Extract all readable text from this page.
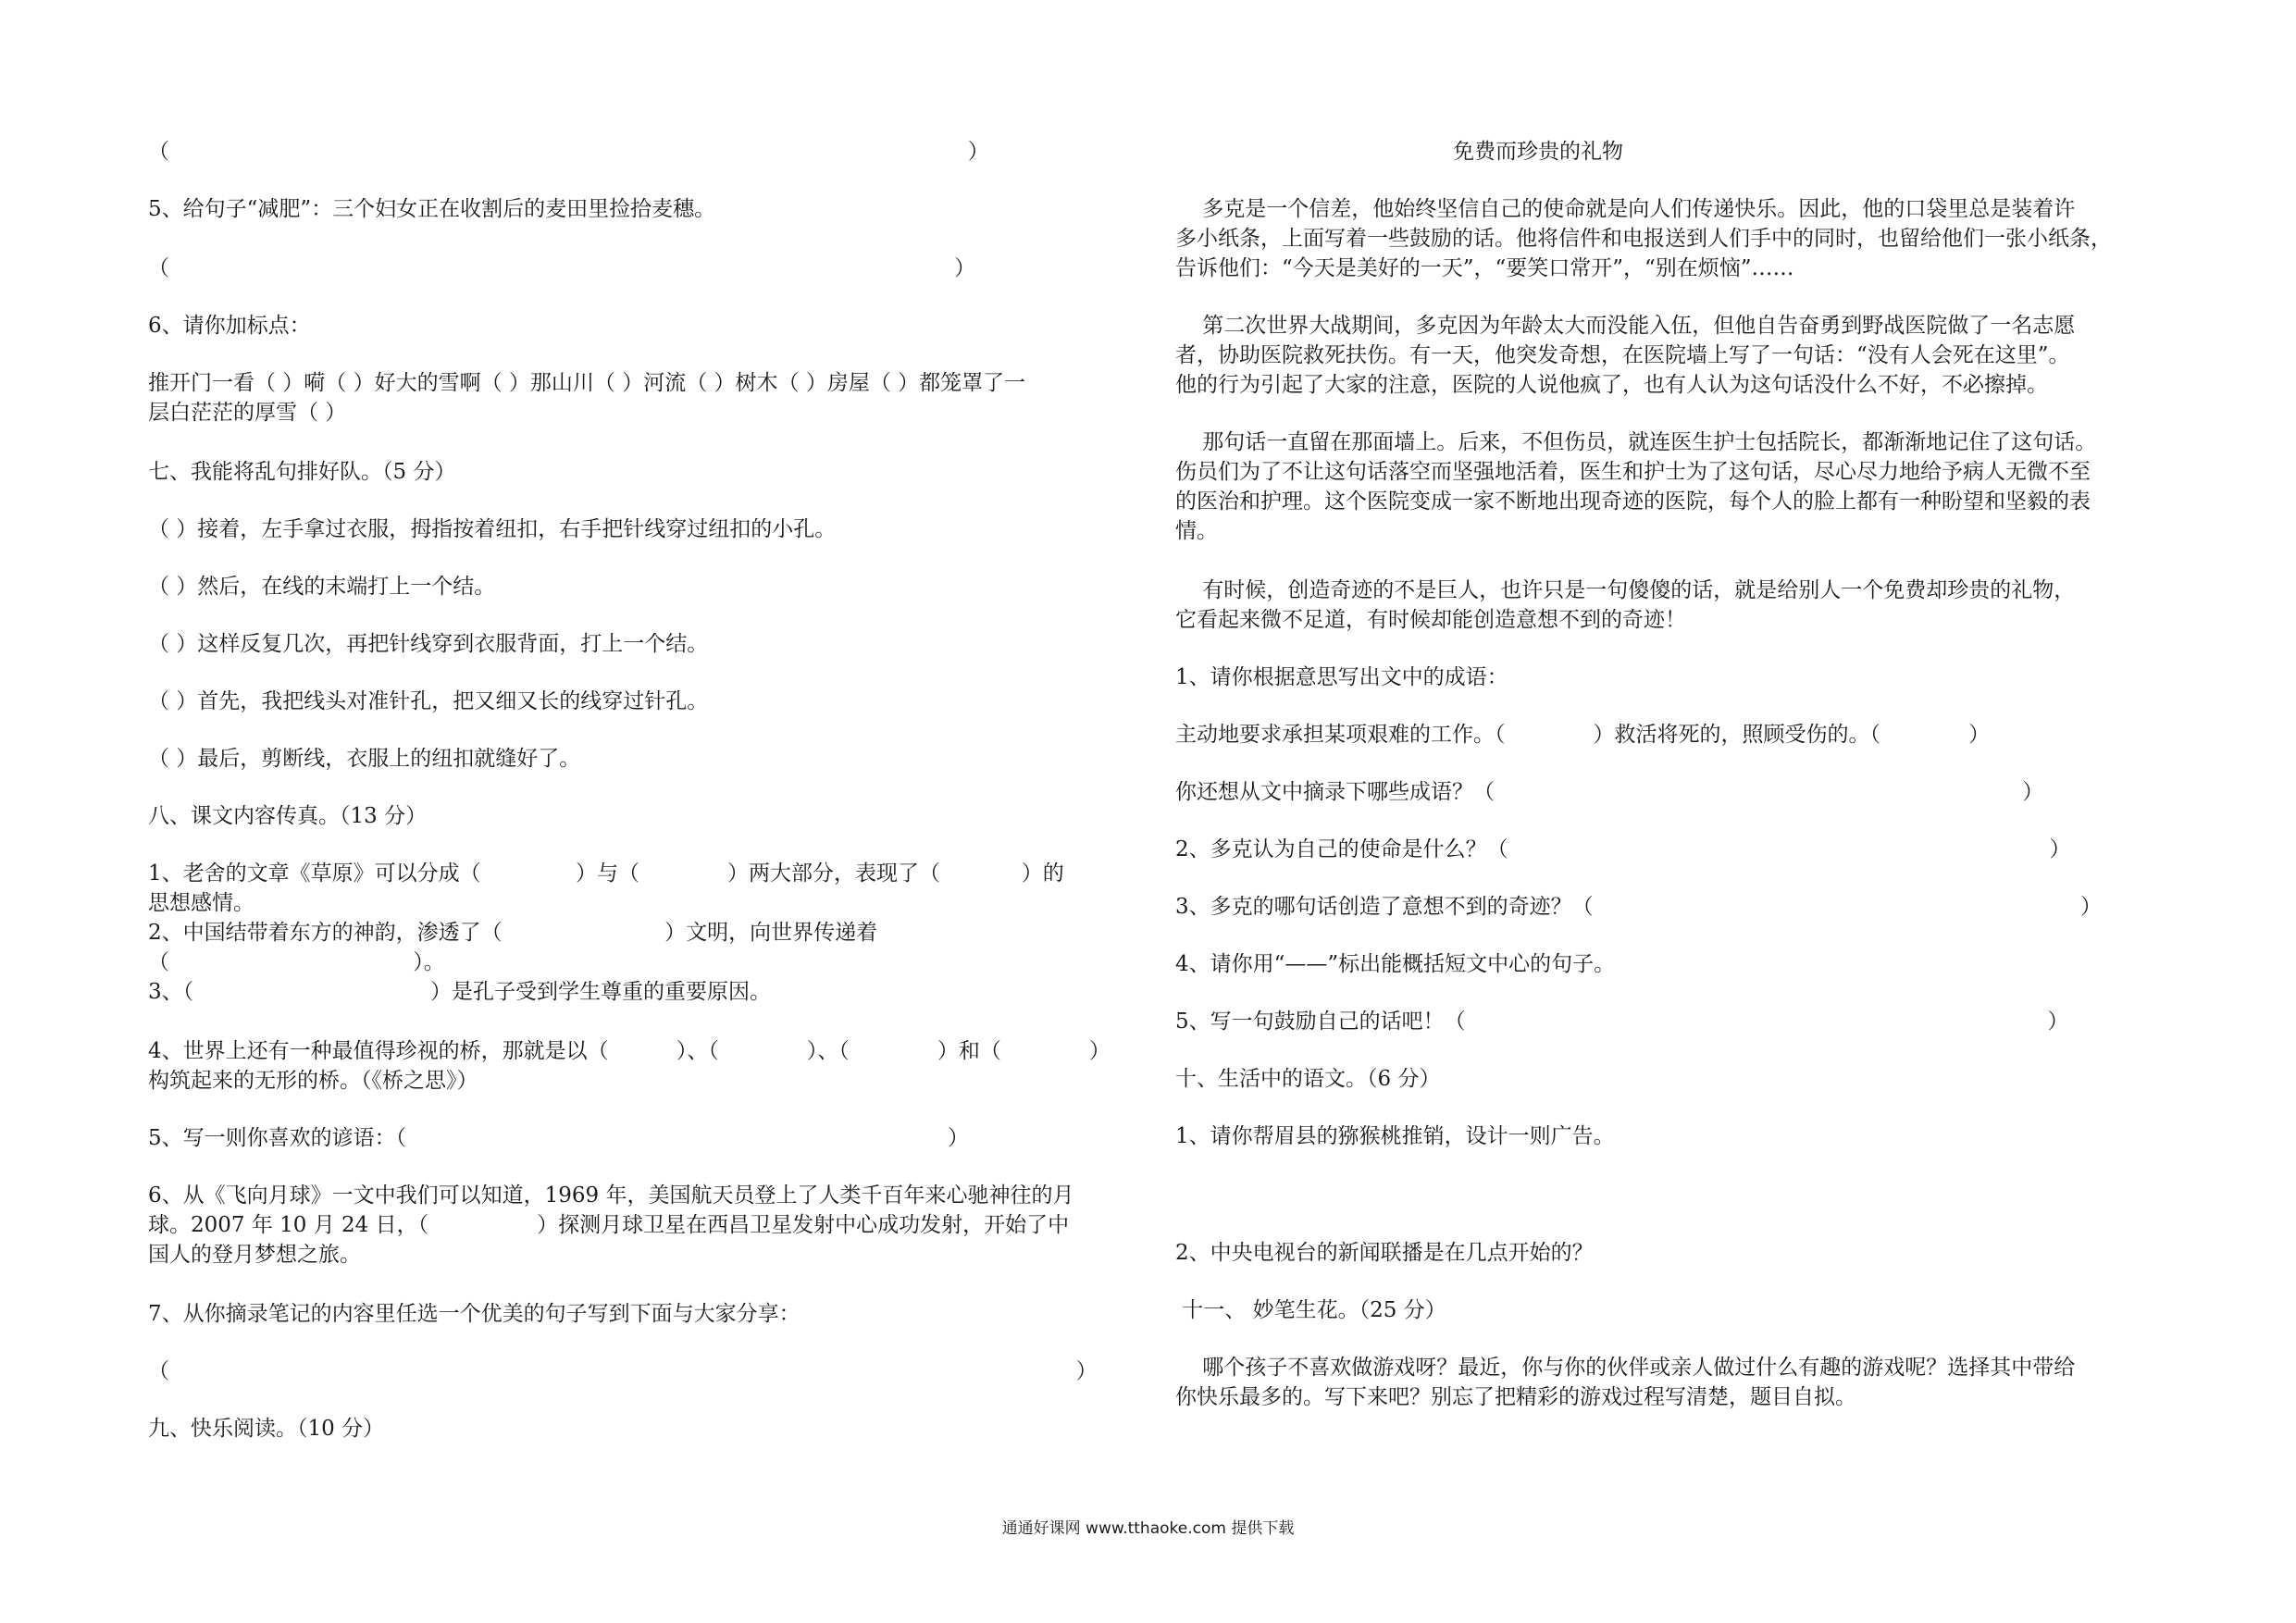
（                                                                                                                      ）
5、给句子“减肥”：三个妇女正在收割后的麦田里捡拾麦穗。
（                                                                                                                    ）
6、请你加标点：
推开门一看（ ）嗬（ ）好大的雪啊（ ）那山川（ ）河流（ ）树木（ ）房屋（ ）都笼罩了一
层白茫茫的厚雪（ ）
七、我能将乱句排好队。（5 分）
（ ）接着，左手拿过衣服，拇指按着纽扣，右手把针线穿过纽扣的小孔。
（ ）然后，在线的末端打上一个结。
（ ）这样反复几次，再把针线穿到衣服背面，打上一个结。
（ ）首先，我把线头对准针孔，把又细又长的线穿过针孔。
（ ）最后，剪断线，衣服上的纽扣就缝好了。
八、课文内容传真。（13 分）
1、老舍的文章《草原》可以分成（              ）与（             ）两大部分，表现了（            ）的
思想感情。
2、中国结带着东方的神韵，渗透了（                        ）文明，向世界传递着
（                                    ）。
3、（                                   ）是孔子受到学生尊重的重要原因。
4、世界上还有一种最值得珍视的桥，那就是以（          ）、（             ）、（             ）和（             ）
构筑起来的无形的桥。（《桥之思》）
5、写一则你喜欢的谚语：（                                                                                ）
6、从《飞向月球》一文中我们可以知道，1969 年，美国航天员登上了人类千百年来心驰神往的月
球。2007 年 10 月 24 日，（                ）探测月球卫星在西昌卫星发射中心成功发射，开始了中
国人的登月梦想之旅。
7、从你摘录笔记的内容里任选一个优美的句子写到下面与大家分享：
（                                                                                                                                      ）
九、快乐阅读。（10 分）
免费而珍贵的礼物
多克是一个信差，他始终坚信自己的使命就是向人们传递快乐。因此，他的口袋里总是装着许
多小纸条，上面写着一些鼓励的话。他将信件和电报送到人们手中的同时，也留给他们一张小纸条，
告诉他们：“今天是美好的一天”，“要笑口常开”，“别在烦恼”……
第二次世界大战期间，多克因为年龄太大而没能入伍，但他自告奋勇到野战医院做了一名志愿
者，协助医院救死扶伤。有一天，他突发奇想，在医院墙上写了一句话：“没有人会死在这里”。
他的行为引起了大家的注意，医院的人说他疯了，也有人认为这句话没什么不好，不必擦掉。
那句话一直留在那面墙上。后来，不但伤员，就连医生护士包括院长，都渐渐地记住了这句话。
伤员们为了不让这句话落空而坚强地活着，医生和护士为了这句话，尽心尽力地给予病人无微不至
的医治和护理。这个医院变成一家不断地出现奇迹的医院，每个人的脸上都有一种盼望和坚毅的表
情。
有时候，创造奇迹的不是巨人，也许只是一句傻傻的话，就是给别人一个免费却珍贵的礼物，
它看起来微不足道，有时候却能创造意想不到的奇迹！
1、请你根据意思写出文中的成语：
主动地要求承担某项艰难的工作。（             ）救活将死的，照顾受伤的。（             ）
你还想从文中摘录下哪些成语？（                                                                              ）
2、多克认为自己的使命是什么？（                                                                                ）
3、多克的哪句话创造了意想不到的奇迹？（                                                                        ）
4、请你用“——”标出能概括短文中心的句子。
5、写一句鼓励自己的话吧！（                                                                                      ）
十、生活中的语文。（6 分）
1、请你帮眉县的猕猴桃推销，设计一则广告。
2、中央电视台的新闻联播是在几点开始的？
十一、 妙笔生花。（25 分）
哪个孩子不喜欢做游戏呀？最近，你与你的伙伴或亲人做过什么有趣的游戏呢？选择其中带给
你快乐最多的。写下来吧？别忘了把精彩的游戏过程写清楚，题目自拟。
通通好课网 www.tthaoke.com 提供下载
